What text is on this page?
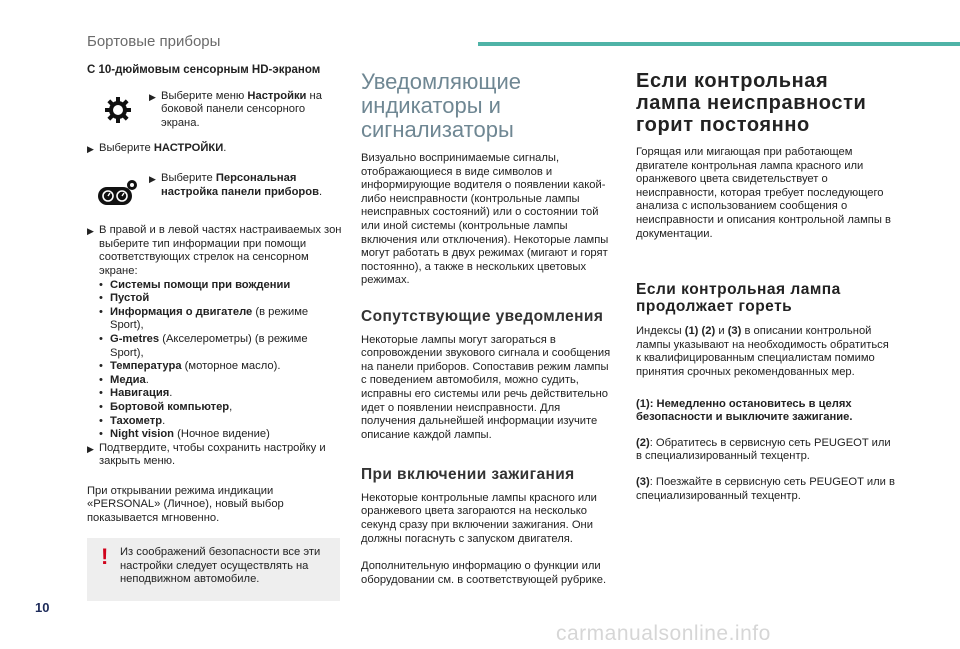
Бортовые приборы
С 10-дюймовым сенсорным HD-экраном
▶ Выберите меню Настройки на боковой панели сенсорного экрана.
▶ Выберите НАСТРОЙКИ.
▶ Выберите Персональная настройка панели приборов.
▶ В правой и в левой частях настраиваемых зон выберите тип информации при помощи соответствующих стрелок на сенсорном экране:
• Системы помощи при вождении
• Пустой
• Информация о двигателе (в режиме Sport),
• G-metres (Акселерометры) (в режиме Sport),
• Температура (моторное масло).
• Медиа.
• Навигация.
• Бортовой компьютер,
• Тахометр.
• Night vision (Ночное видение)
▶ Подтвердите, чтобы сохранить настройку и закрыть меню.
При открывании режима индикации «PERSONAL» (Личное), новый выбор показывается мгновенно.
! Из соображений безопасности все эти настройки следует осуществлять на неподвижном автомобиле.
Уведомляющие индикаторы и сигнализаторы
Визуально воспринимаемые сигналы, отображающиеся в виде символов и информирующие водителя о появлении какой-либо неисправности (контрольные лампы неисправных состояний) или о состоянии той или иной системы (контрольные лампы включения или отключения). Некоторые лампы могут работать в двух режимах (мигают и горят постоянно), а также в нескольких цветовых режимах.
Сопутствующие уведомления
Некоторые лампы могут загораться в сопровождении звукового сигнала и сообщения на панели приборов. Сопоставив режим лампы с поведением автомобиля, можно судить, исправны его системы или речь действительно идет о появлении неисправности. Для получения дальнейшей информации изучите описание каждой лампы.
При включении зажигания
Некоторые контрольные лампы красного или оранжевого цвета загораются на несколько секунд сразу при включении зажигания. Они должны погаснуть с запуском двигателя.
Дополнительную информацию о функции или оборудовании см. в соответствующей рубрике.
Если контрольная лампа неисправности горит постоянно
Горящая или мигающая при работающем двигателе контрольная лампа красного или оранжевого цвета свидетельствует о неисправности, которая требует последующего анализа с использованием сообщения о неисправности и описания контрольной лампы в документации.
Если контрольная лампа продолжает гореть
Индексы (1) (2) и (3) в описании контрольной лампы указывают на необходимость обратиться к квалифицированным специалистам помимо принятия срочных рекомендованных мер.
(1): Немедленно остановитесь в целях безопасности и выключите зажигание.
(2): Обратитесь в сервисную сеть PEUGEOT или в специализированный техцентр.
(3): Поезжайте в сервисную сеть PEUGEOT или в специализированный техцентр.
10
carmanualsonline.info
